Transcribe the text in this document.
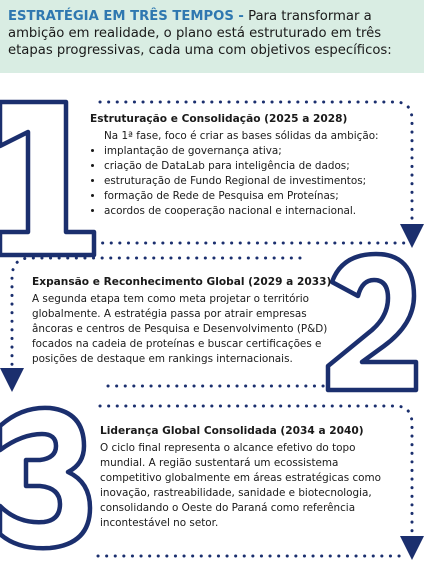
ESTRATÉGIA EM TRÊS TEMPOS - Para transformar a ambição em realidade, o plano está estruturado em três etapas progressivas, cada uma com objetivos específicos:
Estruturação e Consolidação (2025 a 2028)

Na 1ª fase, foco é criar as bases sólidas da ambição:

• implantação de governança ativa;
• criação de DataLab para inteligência de dados;
• estruturação de Fundo Regional de investimentos;
• formação de Rede de Pesquisa em Proteínas;
• acordos de cooperação nacional e internacional.
Expansão e Reconhecimento Global (2029 a 2033)

A segunda etapa tem como meta projetar o território globalmente. A estratégia passa por atrair empresas âncoras e centros de Pesquisa e Desenvolvimento (P&D) focados na cadeia de proteínas e buscar certificações e posições de destaque em rankings internacionais.

Liderança Global Consolidada (2034 a 2040)

O ciclo final representa o alcance efetivo do topo mundial. A região sustentará um ecossistema competitivo globalmente em áreas estratégicas como inovação, rastreabilidade, sanidade e biotecnologia, consolidando o Oeste do Paraná como referência incontestável no setor.
